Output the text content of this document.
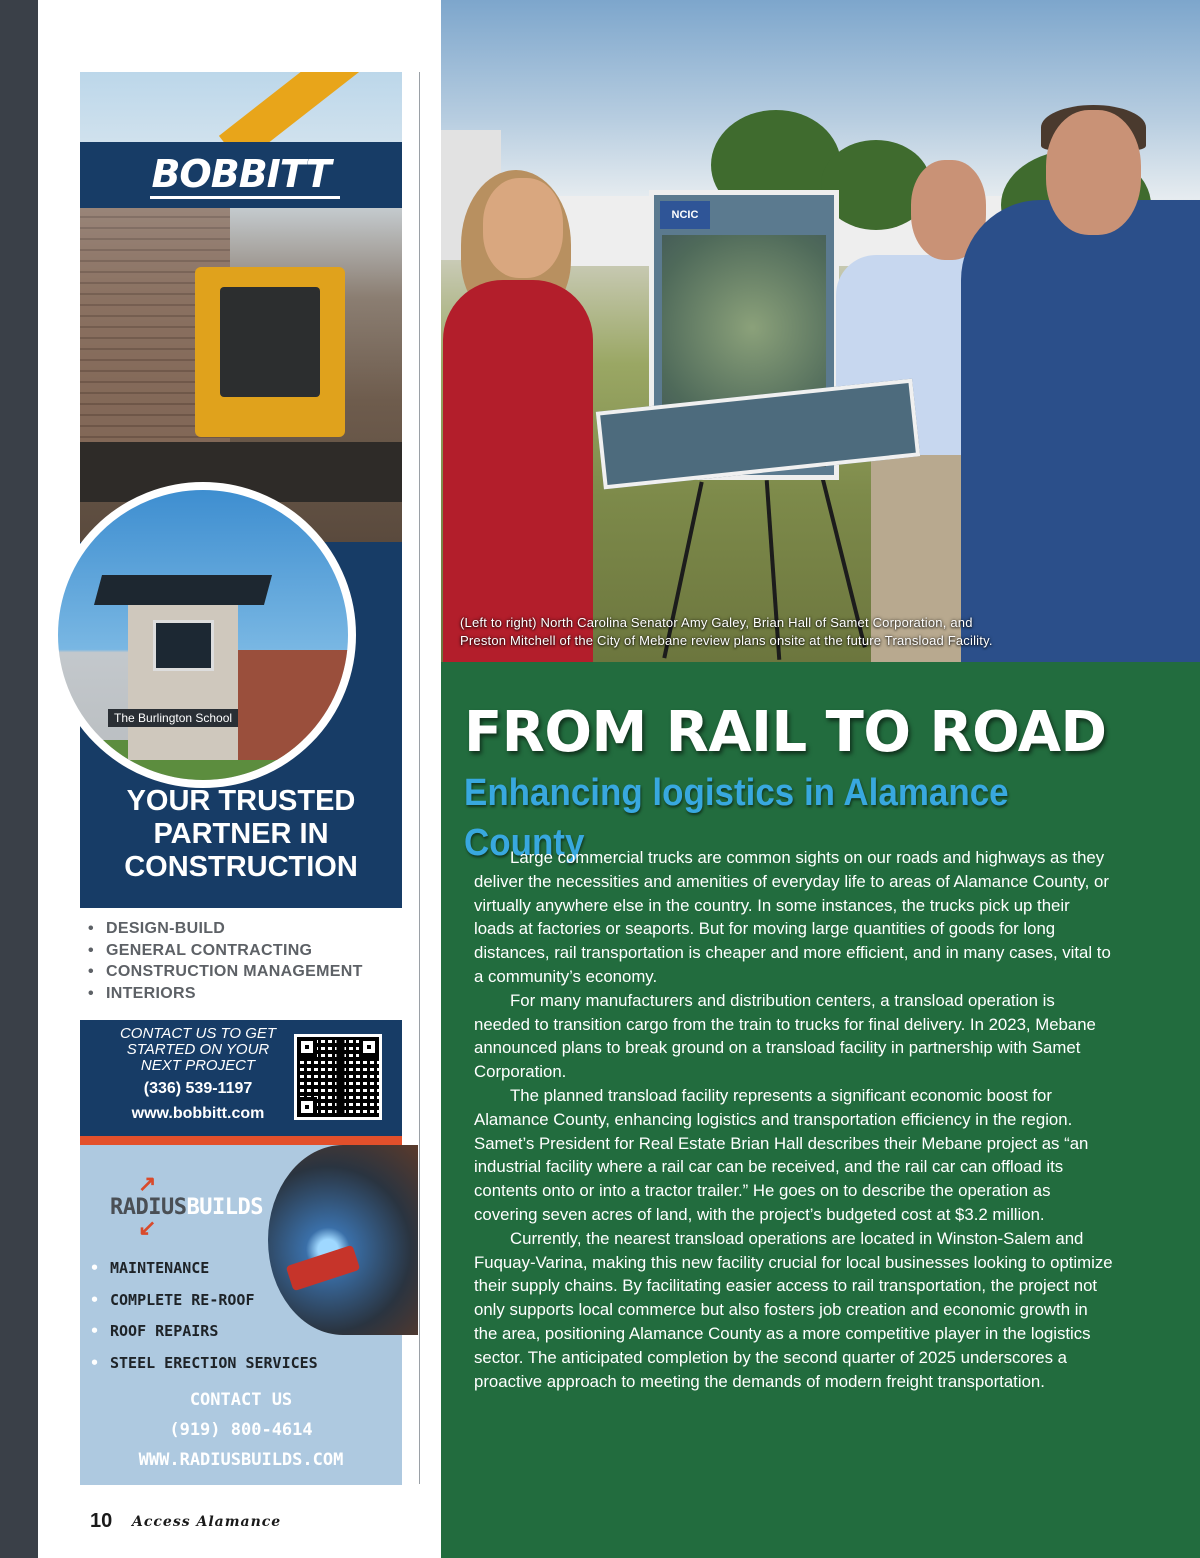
BOBBITT
The Burlington School
YOUR TRUSTED
PARTNER IN
CONSTRUCTION
• DESIGN-BUILD
• GENERAL CONTRACTING
• CONSTRUCTION MANAGEMENT
• INTERIORS
CONTACT US TO GET
STARTED ON YOUR
NEXT PROJECT
(336) 539-1197
www.bobbitt.com
↗
RADIUSBUILDS
↙
• MAINTENANCE
• COMPLETE RE-ROOF
• ROOF REPAIRS
• STEEL ERECTION SERVICES
CONTACT US
(919) 800-4614
WWW.RADIUSBUILDS.COM
10 Access Alamance
NCIC
(Left to right) North Carolina Senator Amy Galey, Brian Hall of Samet Corporation, and
Preston Mitchell of the City of Mebane review plans onsite at the future Transload Facility.
FROM RAIL TO ROAD
Enhancing logistics in Alamance County

Large commercial trucks are common sights on our roads and highways as they deliver the necessities and amenities of everyday life to areas of Alamance County, or virtually anywhere else in the country. In some instances, the trucks pick up their loads at factories or seaports. But for moving large quantities of goods for long distances, rail transportation is cheaper and more efficient, and in many cases, vital to a community’s economy.

For many manufacturers and distribution centers, a transload operation is needed to transition cargo from the train to trucks for final delivery. In 2023, Mebane announced plans to break ground on a transload facility in partnership with Samet Corporation.

The planned transload facility represents a significant economic boost for Alamance County, enhancing logistics and transportation efficiency in the region. Samet’s President for Real Estate Brian Hall describes their Mebane project as “an industrial facility where a rail car can be received, and the rail car can offload its contents onto or into a tractor trailer.” He goes on to describe the operation as covering seven acres of land, with the project’s budgeted cost at $3.2 million.

Currently, the nearest transload operations are located in Winston-Salem and Fuquay-Varina, making this new facility crucial for local businesses looking to optimize their supply chains. By facilitating easier access to rail transportation, the project not only supports local commerce but also fosters job creation and economic growth in the area, positioning Alamance County as a more competitive player in the logistics sector. The anticipated completion by the second quarter of 2025 underscores a proactive approach to meeting the demands of modern freight transportation.
